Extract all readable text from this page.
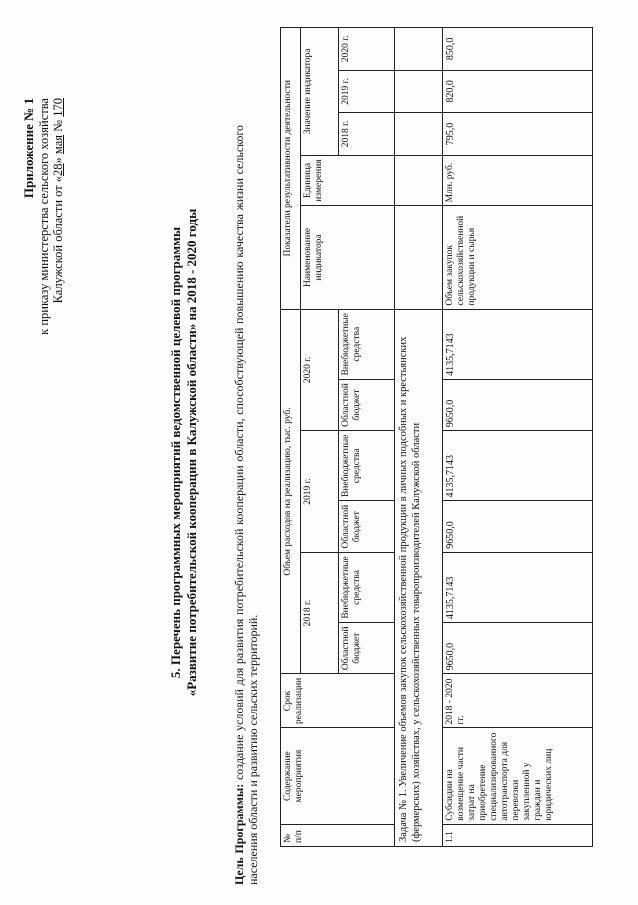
Приложение № 1 к приказу министерства сельского хозяйства Калужской области от «28» мая № 170
5. Перечень программных мероприятий ведомственной целевой программы «Развитие потребительской кооперации в Калужской области» на 2018 - 2020 годы
Цель Программы: создание условий для развития потребительской кооперации области, способствующей повышению качества жизни сельского населения области и развитию сельских территорий. № п/п	Содержание мероприятия	Срок реализации	Объем расходов на реализацию, тыс. руб.						Показатели результативности деятельности				
			2018 г.		2019 г.		2020 г.		Наименование индикатора	Единица измерения	Значение индикатора		
			Областной бюджет	Внебюджетные средства	Областной бюджет	Внебюджетные средства	Областной бюджет	Внебюджетные средства			2018 г.	2019 г.	2020 г.
Задача № 1. Увеличение объемов закупок сельскохозяйственной продукции в личных подсобных и крестьянских (фермерских) хозяйствах, у сельскохозяйственных товаропроизводителей Калужской области													
1.1	Субсидии на возмещение части затрат на приобретение специализированного автотранспорта для перевозки закупленной у граждан и юридических лиц	2018 - 2020 гг.	9650,0	4135,7143	9650,0	4135,7143	9650,0	4135,7143	Объем закупок сельскохозяйственной продукции и сырья	Млн. руб.	795,0	820,0	850,0
